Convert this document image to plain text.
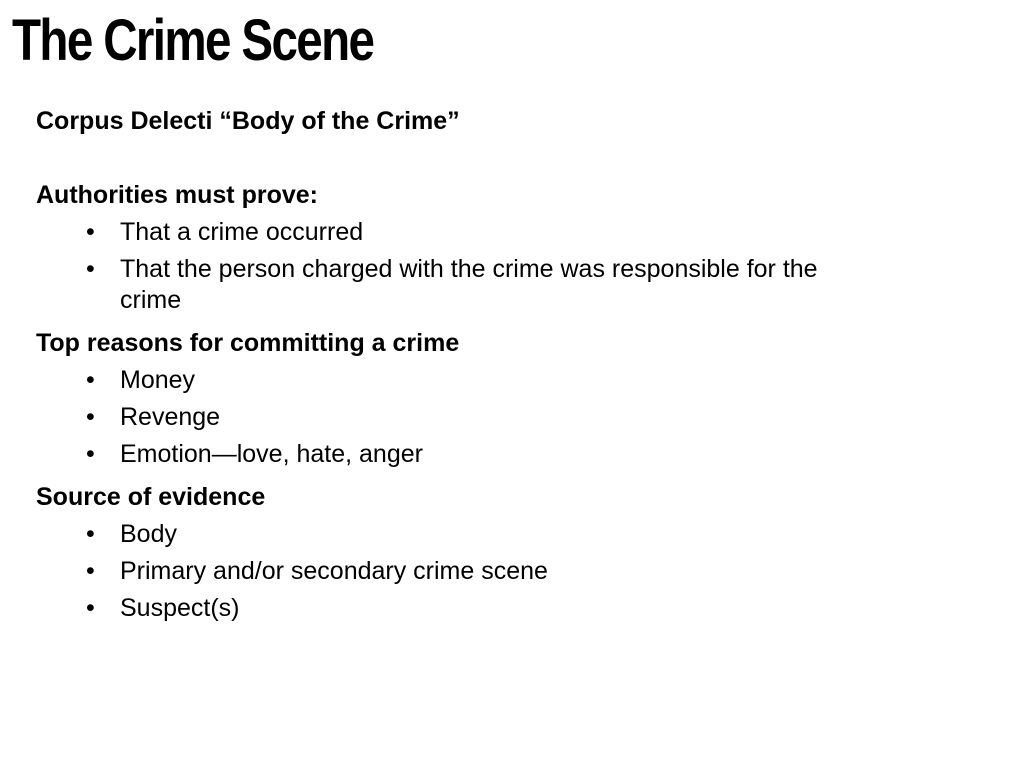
The Crime Scene
Corpus Delecti “Body of the Crime”
Authorities must prove:
• That a crime occurred
• That the person charged with the crime was responsible for the crime
Top reasons for committing a crime
• Money
• Revenge
• Emotion—love, hate, anger
Source of evidence
• Body
• Primary and/or secondary crime scene
• Suspect(s)
